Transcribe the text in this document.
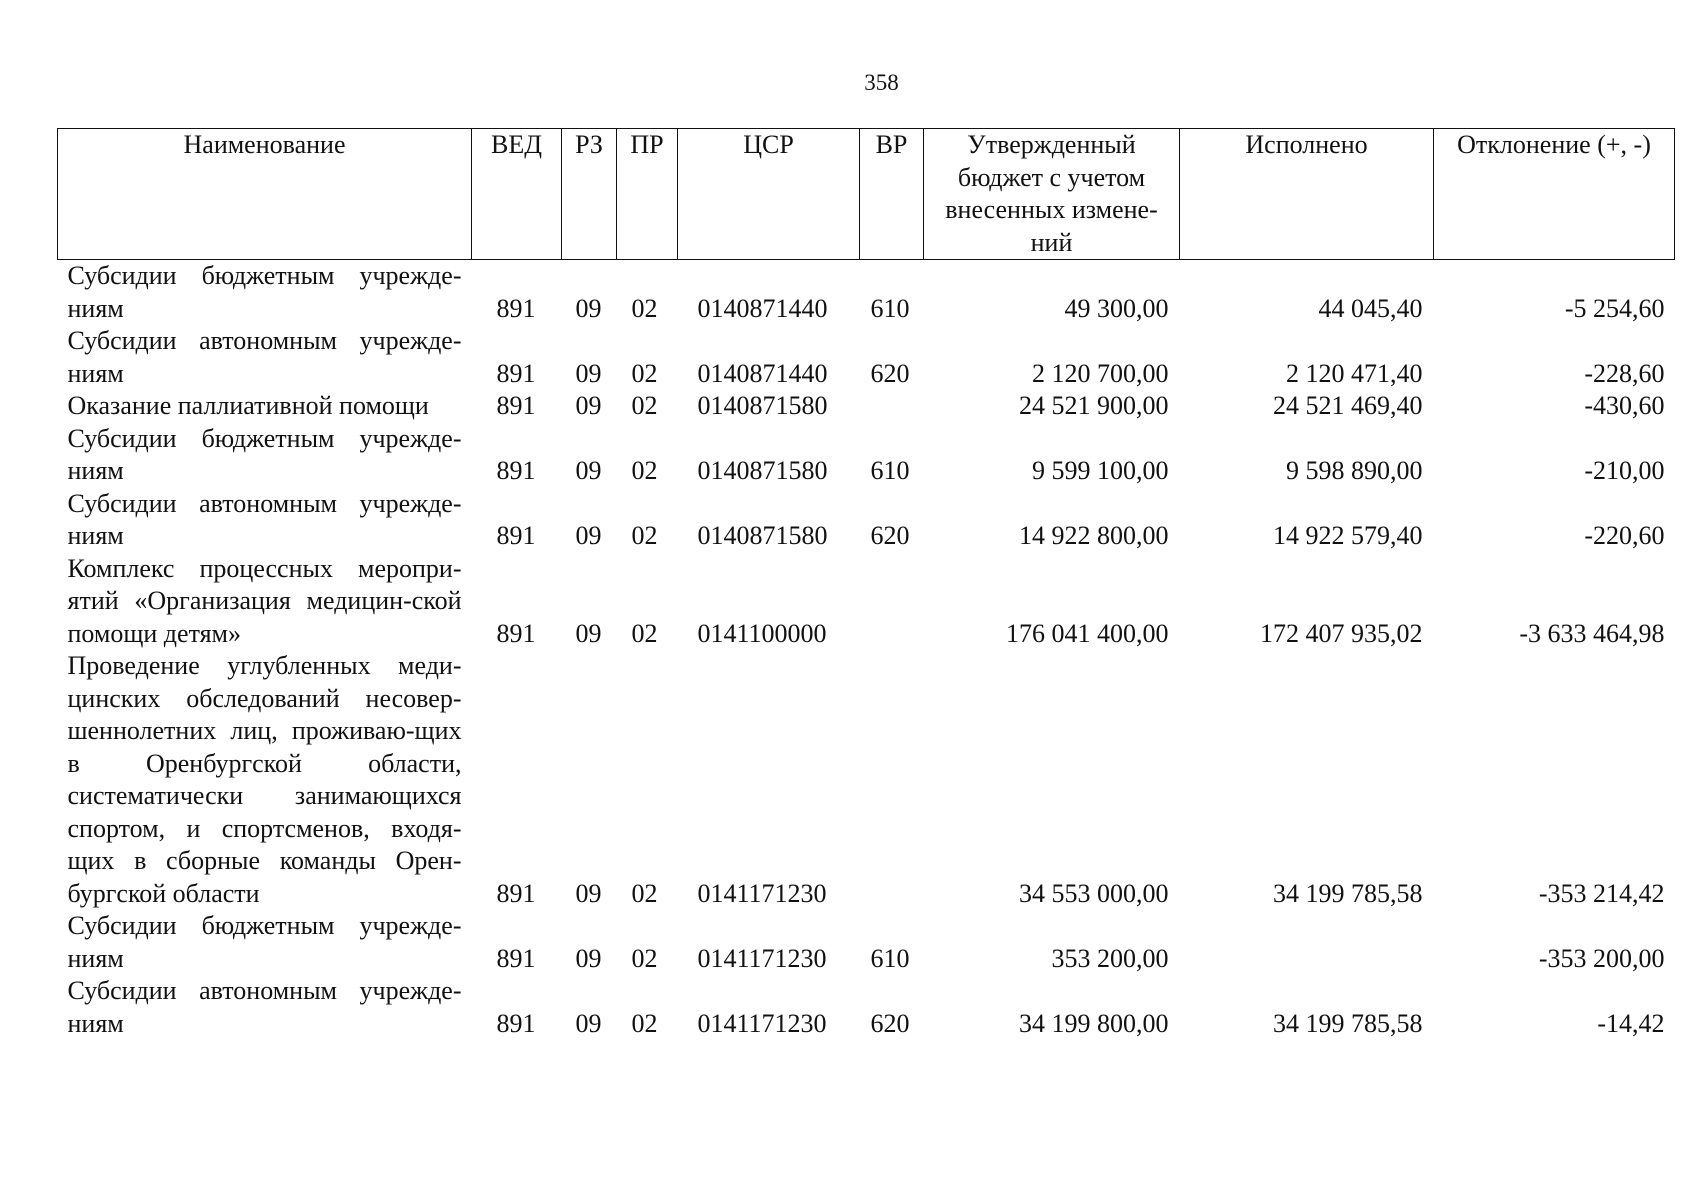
358
Наименование	ВЕД	РЗ	ПР	ЦСР	ВР	Утвержденный бюджет с учетом внесенных измене-ний	Исполнено	Отклонение (+, -)
Субсидии бюджетным учрежде-ниям	891	09	02	0140871440	610	49 300,00	44 045,40	-5 254,60
Субсидии автономным учрежде-ниям	891	09	02	0140871440	620	2 120 700,00	2 120 471,40	-228,60
Оказание паллиативной помощи	891	09	02	0140871580		24 521 900,00	24 521 469,40	-430,60
Субсидии бюджетным учрежде-ниям	891	09	02	0140871580	610	9 599 100,00	9 598 890,00	-210,00
Субсидии автономным учрежде-ниям	891	09	02	0140871580	620	14 922 800,00	14 922 579,40	-220,60
Комплекс процессных меропри-ятий «Организация медицин-ской помощи детям»	891	09	02	0141100000		176 041 400,00	172 407 935,02	-3 633 464,98
Проведение углубленных меди-цинских обследований несовер-шеннолетних лиц, проживаю-щих в Оренбургской области, систематически занимающихся спортом, и спортсменов, входя-щих в сборные команды Орен-бургской области	891	09	02	0141171230		34 553 000,00	34 199 785,58	-353 214,42
Субсидии бюджетным учрежде-ниям	891	09	02	0141171230	610	353 200,00		-353 200,00
Субсидии автономным учрежде-ниям	891	09	02	0141171230	620	34 199 800,00	34 199 785,58	-14,42
